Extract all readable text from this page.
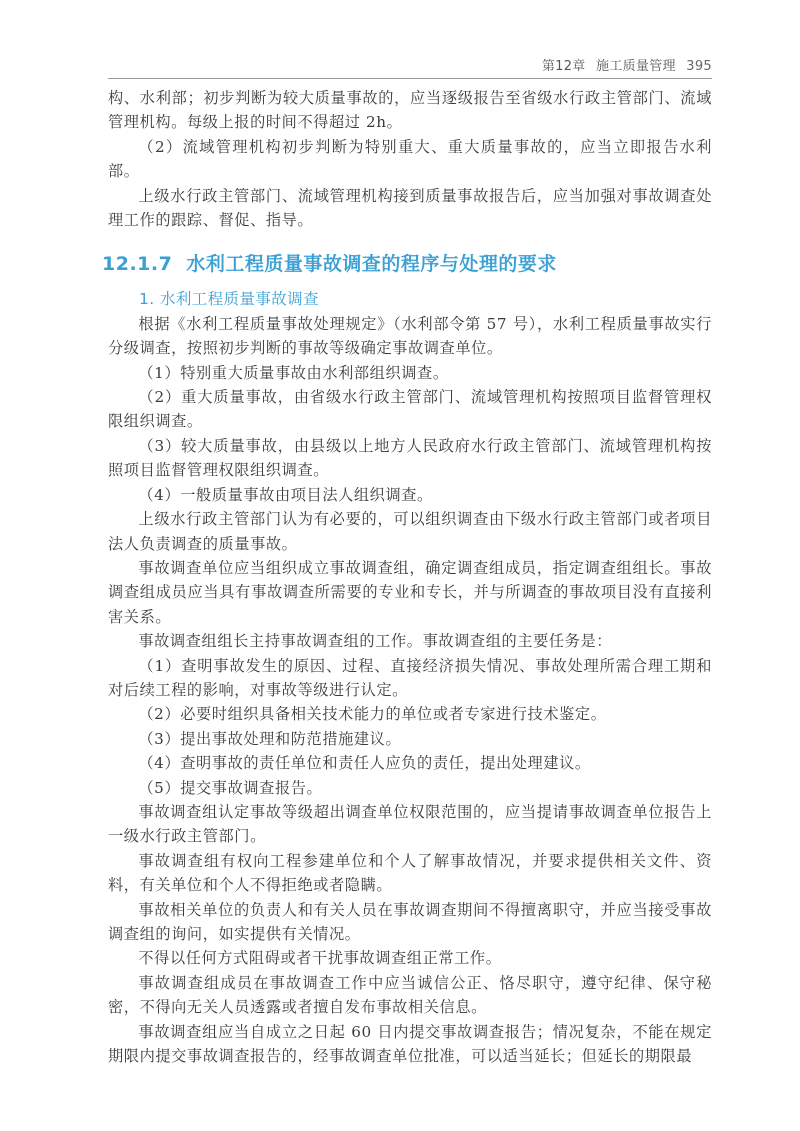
第12章 施工质量管理 395

构、水利部；初步判断为较大质量事故的，应当逐级报告至省级水行政主管部门、流域管理机构。每级上报的时间不得超过 2h。

（2）流域管理机构初步判断为特别重大、重大质量事故的，应当立即报告水利部。

上级水行政主管部门、流域管理机构接到质量事故报告后，应当加强对事故调查处理工作的跟踪、督促、指导。

12.1.7 水利工程质量事故调查的程序与处理的要求

1. 水利工程质量事故调查

根据《水利工程质量事故处理规定》（水利部令第 57 号），水利工程质量事故实行分级调查，按照初步判断的事故等级确定事故调查单位。

（1）特别重大质量事故由水利部组织调查。

（2）重大质量事故，由省级水行政主管部门、流域管理机构按照项目监督管理权限组织调查。

（3）较大质量事故，由县级以上地方人民政府水行政主管部门、流域管理机构按照项目监督管理权限组织调查。

（4）一般质量事故由项目法人组织调查。

上级水行政主管部门认为有必要的，可以组织调查由下级水行政主管部门或者项目法人负责调查的质量事故。

事故调查单位应当组织成立事故调查组，确定调查组成员，指定调查组组长。事故调查组成员应当具有事故调查所需要的专业和专长，并与所调查的事故项目没有直接利害关系。

事故调查组组长主持事故调查组的工作。事故调查组的主要任务是：

（1）查明事故发生的原因、过程、直接经济损失情况、事故处理所需合理工期和对后续工程的影响，对事故等级进行认定。

（2）必要时组织具备相关技术能力的单位或者专家进行技术鉴定。

（3）提出事故处理和防范措施建议。

（4）查明事故的责任单位和责任人应负的责任，提出处理建议。

（5）提交事故调查报告。

事故调查组认定事故等级超出调查单位权限范围的，应当提请事故调查单位报告上一级水行政主管部门。

事故调查组有权向工程参建单位和个人了解事故情况，并要求提供相关文件、资料，有关单位和个人不得拒绝或者隐瞒。

事故相关单位的负责人和有关人员在事故调查期间不得擅离职守，并应当接受事故调查组的询问，如实提供有关情况。

不得以任何方式阻碍或者干扰事故调查组正常工作。

事故调查组成员在事故调查工作中应当诚信公正、恪尽职守，遵守纪律、保守秘密，不得向无关人员透露或者擅自发布事故相关信息。

事故调查组应当自成立之日起 60 日内提交事故调查报告；情况复杂，不能在规定期限内提交事故调查报告的，经事故调查单位批准，可以适当延长；但延长的期限最
